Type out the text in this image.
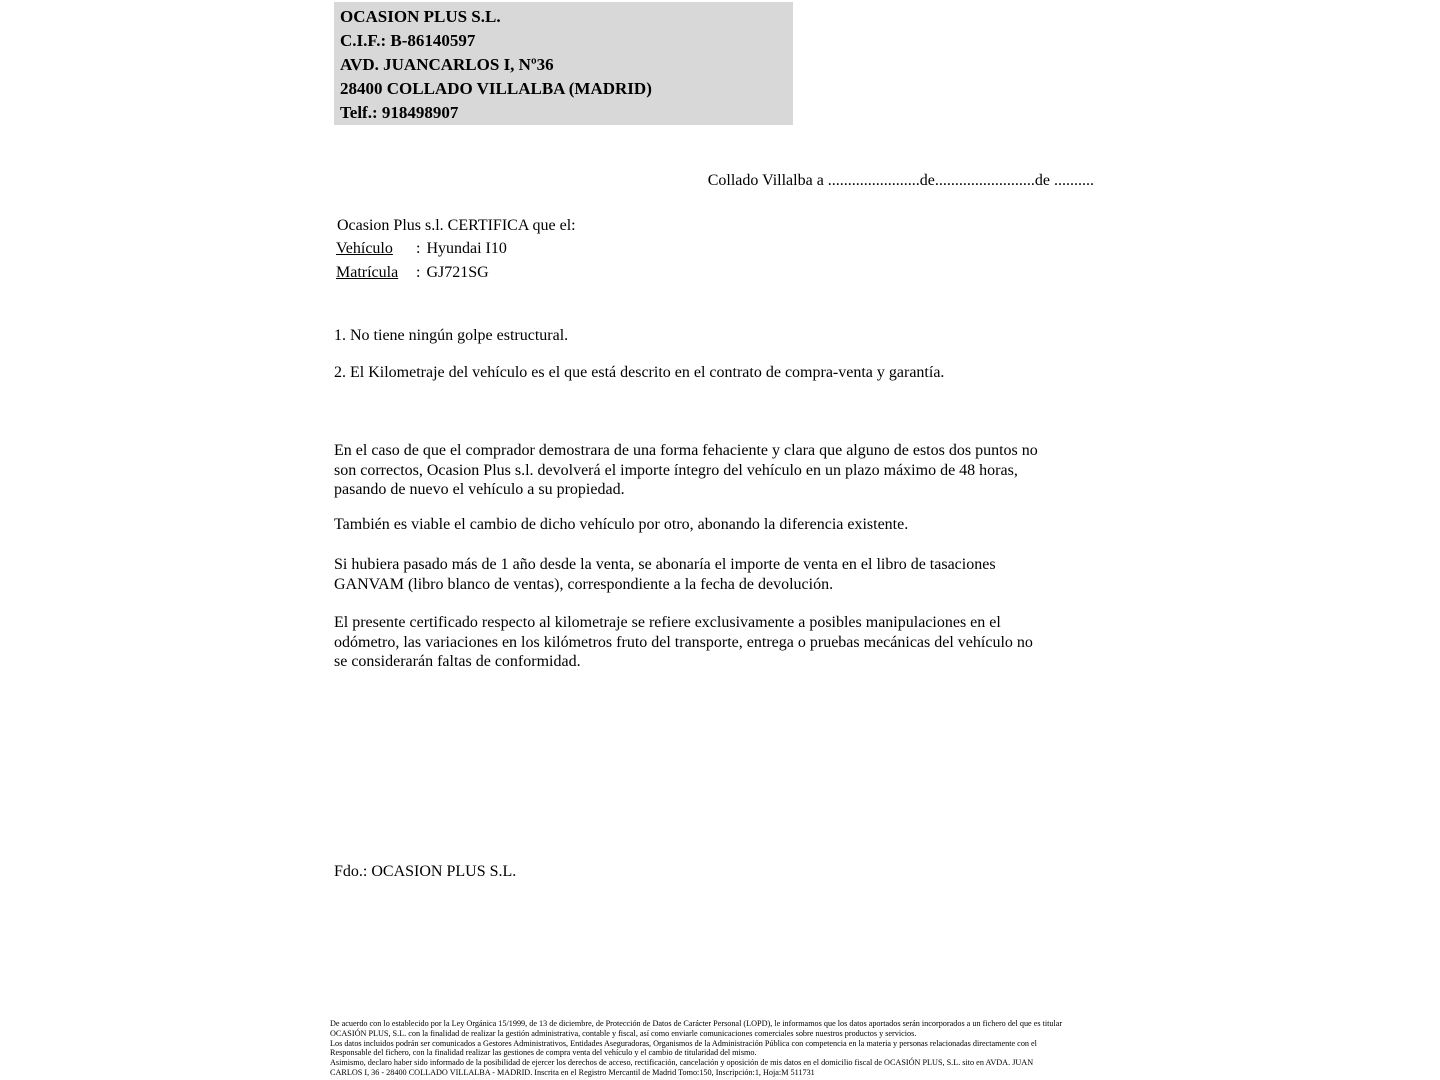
OCASION PLUS S.L.
C.I.F.: B-86140597
AVD. JUANCARLOS I, Nº36
28400 COLLADO VILLALBA (MADRID)
Telf.: 918498907
Collado Villalba a .......................de.........................de ..........
Ocasion Plus s.l. CERTIFICA que el:
Vehículo : Hyundai I10
Matrícula : GJ721SG
1. No tiene ningún golpe estructural.
2. El Kilometraje del vehículo es el que está descrito en el contrato de compra-venta y garantía.
En el caso de que el comprador demostrara de una forma fehaciente y clara que alguno de estos dos puntos no
son correctos, Ocasion Plus s.l. devolverá el importe íntegro del vehículo en un plazo máximo de 48 horas,
pasando de nuevo el vehículo a su propiedad.
También es viable el cambio de dicho vehículo por otro, abonando la diferencia existente.
Si hubiera pasado más de 1 año desde la venta, se abonaría el importe de venta en el libro de tasaciones
GANVAM (libro blanco de ventas), correspondiente a la fecha de devolución.
El presente certificado respecto al kilometraje se refiere exclusivamente a posibles manipulaciones en el
odómetro, las variaciones en los kilómetros fruto del transporte, entrega o pruebas mecánicas del vehículo no
se considerarán faltas de conformidad.
Fdo.: OCASION PLUS S.L.
De acuerdo con lo establecido por la Ley Orgánica 15/1999, de 13 de diciembre, de Protección de Datos de Carácter Personal (LOPD), le informamos que los datos aportados serán incorporados a un fichero del que es titular
OCASIÓN PLUS, S.L. con la finalidad de realizar la gestión administrativa, contable y fiscal, así como enviarle comunicaciones comerciales sobre nuestros productos y servicios.
Los datos incluidos podrán ser comunicados a Gestores Administrativos, Entidades Aseguradoras, Organismos de la Administración Pública con competencia en la materia y personas relacionadas directamente con el
Responsable del fichero, con la finalidad realizar las gestiones de compra venta del vehículo y el cambio de titularidad del mismo.
Asimismo, declaro haber sido informado de la posibilidad de ejercer los derechos de acceso, rectificación, cancelación y oposición de mis datos en el domicilio fiscal de OCASIÓN PLUS, S.L. sito en AVDA. JUAN
CARLOS I, 36 - 28400 COLLADO VILLALBA - MADRID. Inscrita en el Registro Mercantil de Madrid Tomo:150, Inscripción:1, Hoja:M 511731
